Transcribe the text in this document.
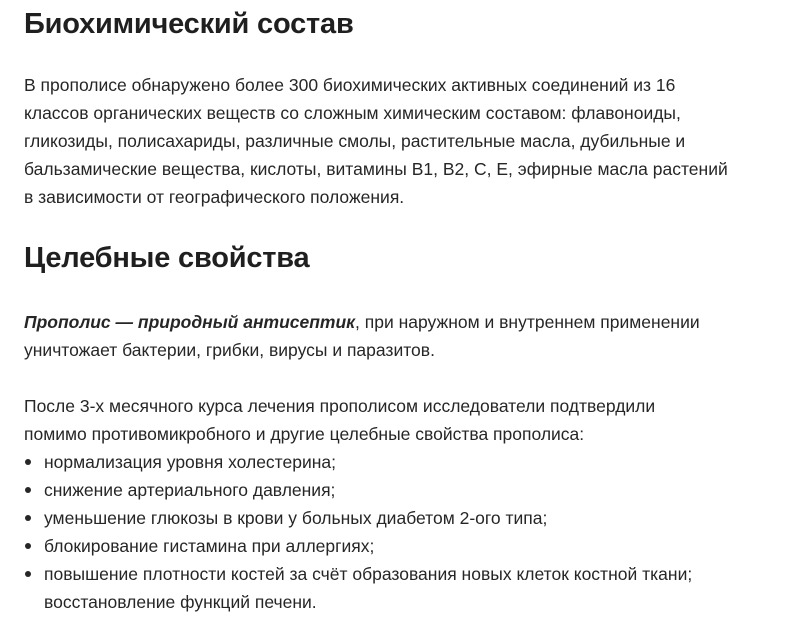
Биохимический состав

В прополисе обнаружено более 300 биохимических активных соединений из 16
классов органических веществ со сложным химическим составом: флавоноиды,
гликозиды, полисахариды, различные смолы, растительные масла, дубильные и
бальзамические вещества, кислоты, витамины B1, B2, C, E, эфирные масла растений
в зависимости от географического положения.

Целебные свойства

Прополис — природный антисептик, при наружном и внутреннем применении
уничтожает бактерии, грибки, вирусы и паразитов.

После 3-х месячного курса лечения прополисом исследователи подтвердили
помимо противомикробного и другие целебные свойства прополиса:

нормализация уровня холестерина;
снижение артериального давления;
уменьшение глюкозы в крови у больных диабетом 2-ого типа;
блокирование гистамина при аллергиях;
повышение плотности костей за счёт образования новых клеток костной ткани;
восстановление функций печени.
